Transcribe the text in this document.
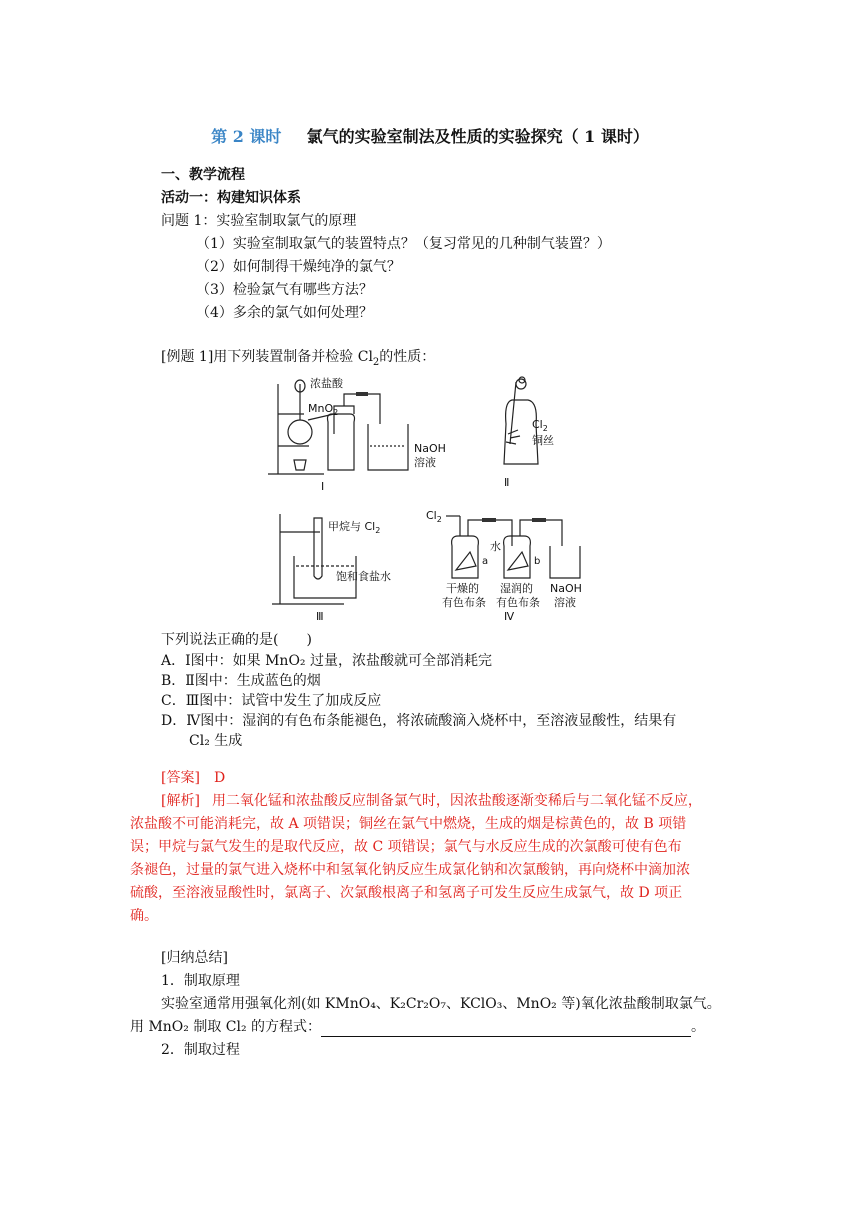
第 2 课时 氯气的实验室制法及性质的实验探究（ 1 课时）
一、教学流程
活动一：构建知识体系
问题 1：实验室制取氯气的原理
（1）实验室制取氯气的装置特点？（复习常见的几种制气装置？）
（2）如何制得干燥纯净的氯气？
（3）检验氯气有哪些方法？
（4）多余的氯气如何处理？
[例题 1]用下列装置制备并检验 $Cl_2$的性质：
浓盐酸
MnO$_2$
NaOH
溶液
Ⅰ
$Cl_2$
铜丝
Ⅱ
甲烷与 $Cl_2$
饱和食盐水
Ⅲ
$Cl_2$
水
a	b
干燥的
有色布条
湿润的
有色布条
NaOH
溶液
Ⅳ
下列说法正确的是(　　)
A．Ⅰ图中：如果 MnO₂ 过量，浓盐酸就可全部消耗完
B．Ⅱ图中：生成蓝色的烟
C．Ⅲ图中：试管中发生了加成反应
D．Ⅳ图中：湿润的有色布条能褪色，将浓硫酸滴入烧杯中，至溶液显酸性，结果有
Cl₂ 生成
[答案] D
[解析] 用二氧化锰和浓盐酸反应制备氯气时，因浓盐酸逐渐变稀后与二氧化锰不反应，
浓盐酸不可能消耗完，故 A 项错误；铜丝在氯气中燃烧，生成的烟是棕黄色的，故 B 项错
误；甲烷与氯气发生的是取代反应，故 C 项错误；氯气与水反应生成的次氯酸可使有色布
条褪色，过量的氯气进入烧杯中和氢氧化钠反应生成氯化钠和次氯酸钠，再向烧杯中滴加浓
硫酸，至溶液显酸性时，氯离子、次氯酸根离子和氢离子可发生反应生成氯气，故 D 项正
确。
[归纳总结]
1．制取原理
实验室通常用强氧化剂(如 KMnO₄、K₂Cr₂O₇、KClO₃、MnO₂ 等)氧化浓盐酸制取氯气。
用 MnO₂ 制取 Cl₂ 的方程式：	。
2．制取过程
